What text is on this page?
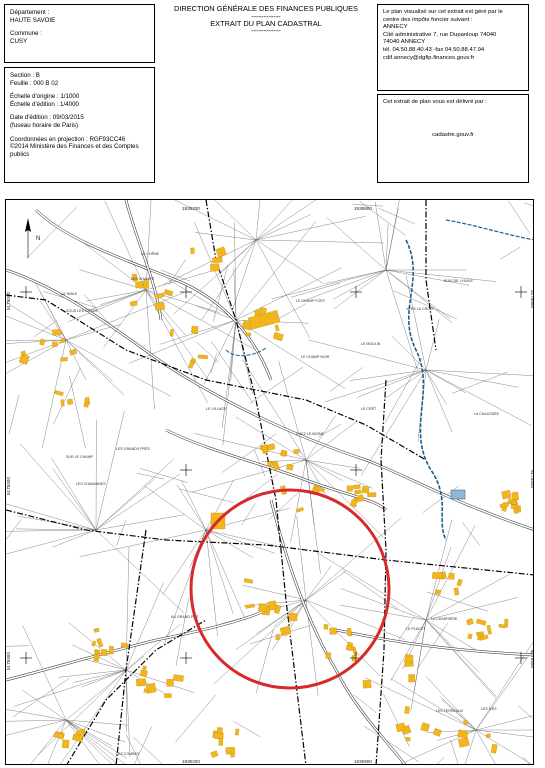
Département :
HAUTE SAVOIE
Commune :
CUSY
DIRECTION GÉNÉRALE DES FINANCES PUBLIQUES
------------
EXTRAIT DU PLAN CADASTRAL
------------
Le plan visualisé sur cet extrait est géré par le
centre des impôts foncier suivant :
ANNECY
Cité administrative 7, rue Dupanloup 74040
74040 ANNECY
tél. 04.50.88.40.43 -fax 04.50.88.47.94
cdif.annecy@dgfip.finances.gouv.fr
Section : B
Feuille : 000 B 02
Échelle d'origine : 1/1000
Échelle d'édition : 1/4000
Date d'édition : 09/03/2015
(fuseau horaire de Paris)
Coordonnées en projection : RGF93CC46
©2014 Ministère des Finances et des Comptes
publics
Cet extrait de plan vous est délivré par :
cadastre.gouv.fr
LA TABLE
LE CHÊNE
LES CHAMPS
SOUS LES CÔTES
LE CHAMP FORT
LE CHAMP NOIR
LE MOULIN
BOIS DE L'HUILE
LA CHAUSSÉE
LE VILLAGE
CHEZ LE MOINE
LES GRANDS PRÉS
VERS LA CROIX
LE CRÊT
LES CHAVANNES
LA CHARRIÈRE
LE PLACET
AU GRAND PRÉ
LES TERREAUX	LES ÎLES
LES COMBES
SUR LE CHAMP
N
1935200	1935900
1935200	1935900
5178000
5178400
5178400
5178000
5178400
5178400
